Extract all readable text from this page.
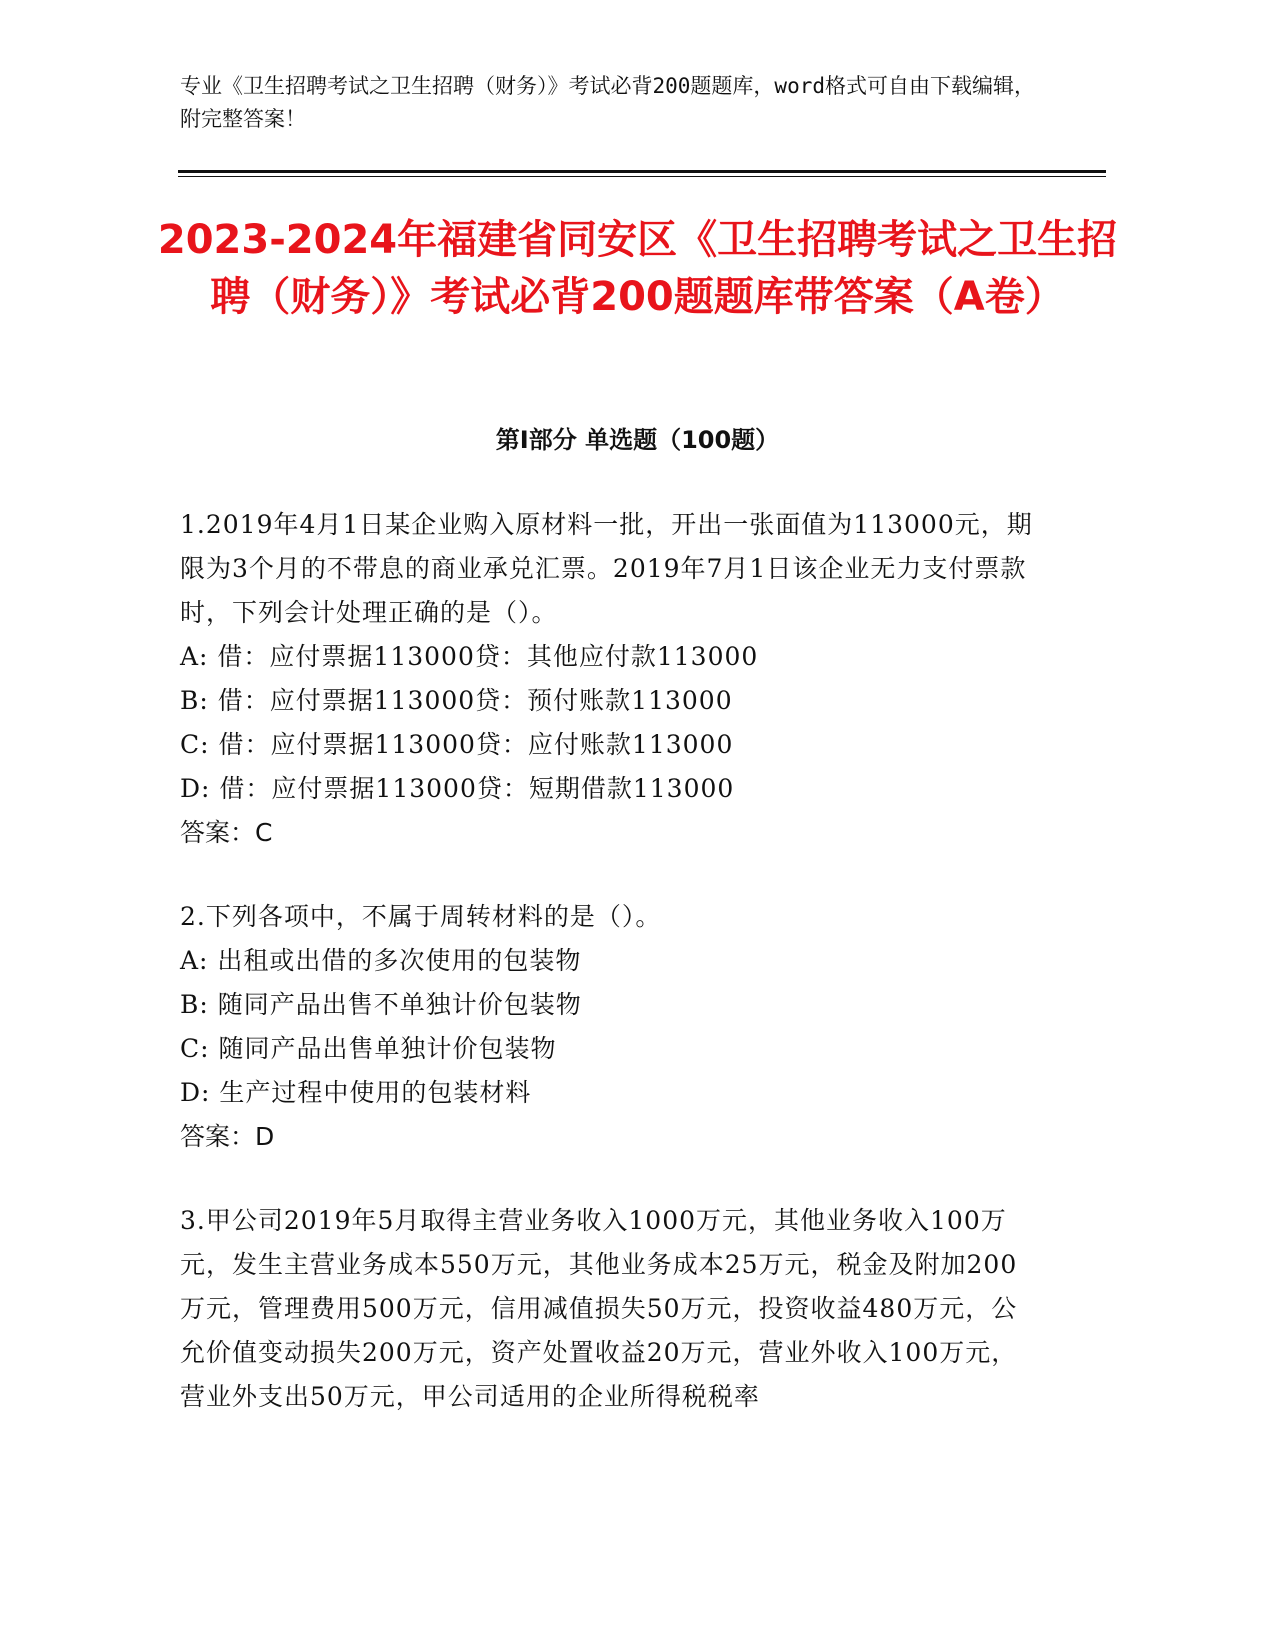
专业《卫生招聘考试之卫生招聘（财务）》考试必背200题题库，word格式可自由下载编辑，附完整答案！
2023-2024年福建省同安区《卫生招聘考试之卫生招聘（财务）》考试必背200题题库带答案（A卷）
第Ⅰ部分 单选题（100题）
1.2019年4月1日某企业购入原材料一批，开出一张面值为113000元，期限为3个月的不带息的商业承兑汇票。2019年7月1日该企业无力支付票款时，下列会计处理正确的是（）。
A: 借：应付票据113000贷：其他应付款113000
B: 借：应付票据113000贷：预付账款113000
C: 借：应付票据113000贷：应付账款113000
D: 借：应付票据113000贷：短期借款113000
答案：C
2.下列各项中，不属于周转材料的是（）。
A: 出租或出借的多次使用的包装物
B: 随同产品出售不单独计价包装物
C: 随同产品出售单独计价包装物
D: 生产过程中使用的包装材料
答案：D
3.甲公司2019年5月取得主营业务收入1000万元，其他业务收入100万元，发生主营业务成本550万元，其他业务成本25万元，税金及附加200万元，管理费用500万元，信用减值损失50万元，投资收益480万元，公允价值变动损失200万元，资产处置收益20万元，营业外收入100万元，营业外支出50万元，甲公司适用的企业所得税税率
